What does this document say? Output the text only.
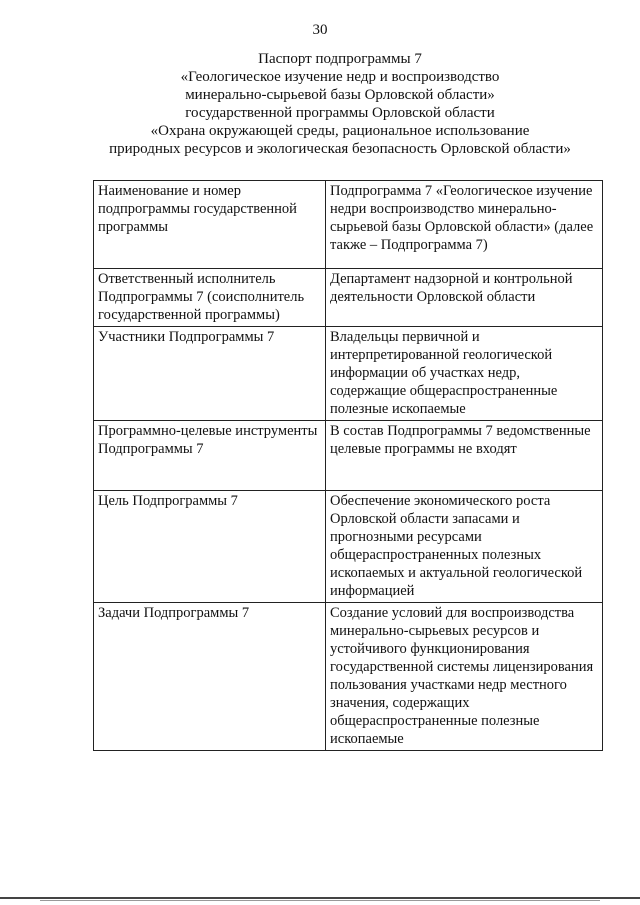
30
Паспорт подпрограммы 7
«Геологическое изучение недр и воспроизводство
минерально-сырьевой базы Орловской области»
государственной программы Орловской области
«Охрана окружающей среды, рациональное использование
природных ресурсов и экологическая безопасность Орловской области»
Наименование и номер подпрограммы государственной программы	Подпрограмма 7 «Геологическое изучение недри воспроизводство минерально-сырьевой базы Орловской области» (далее также – Подпрограмма 7)
Ответственный исполнитель Подпрограммы 7 (соисполнитель государственной программы)	Департамент надзорной и контрольной деятельности Орловской области
Участники Подпрограммы 7	Владельцы первичной и интерпретированной геологической информации об участках недр, содержащие общераспространенные полезные ископаемые
Программно-целевые инструменты Подпрограммы 7	В состав Подпрограммы 7 ведомственные целевые программы не входят
Цель Подпрограммы 7	Обеспечение экономического роста Орловской области запасами и прогнозными ресурсами общераспространенных полезных ископаемых и актуальной геологической информацией
Задачи Подпрограммы 7	Создание условий для воспроизводства минерально-сырьевых ресурсов и устойчивого функционирования государственной системы лицензирования пользования участками недр местного значения, содержащих общераспространенные полезные ископаемые
